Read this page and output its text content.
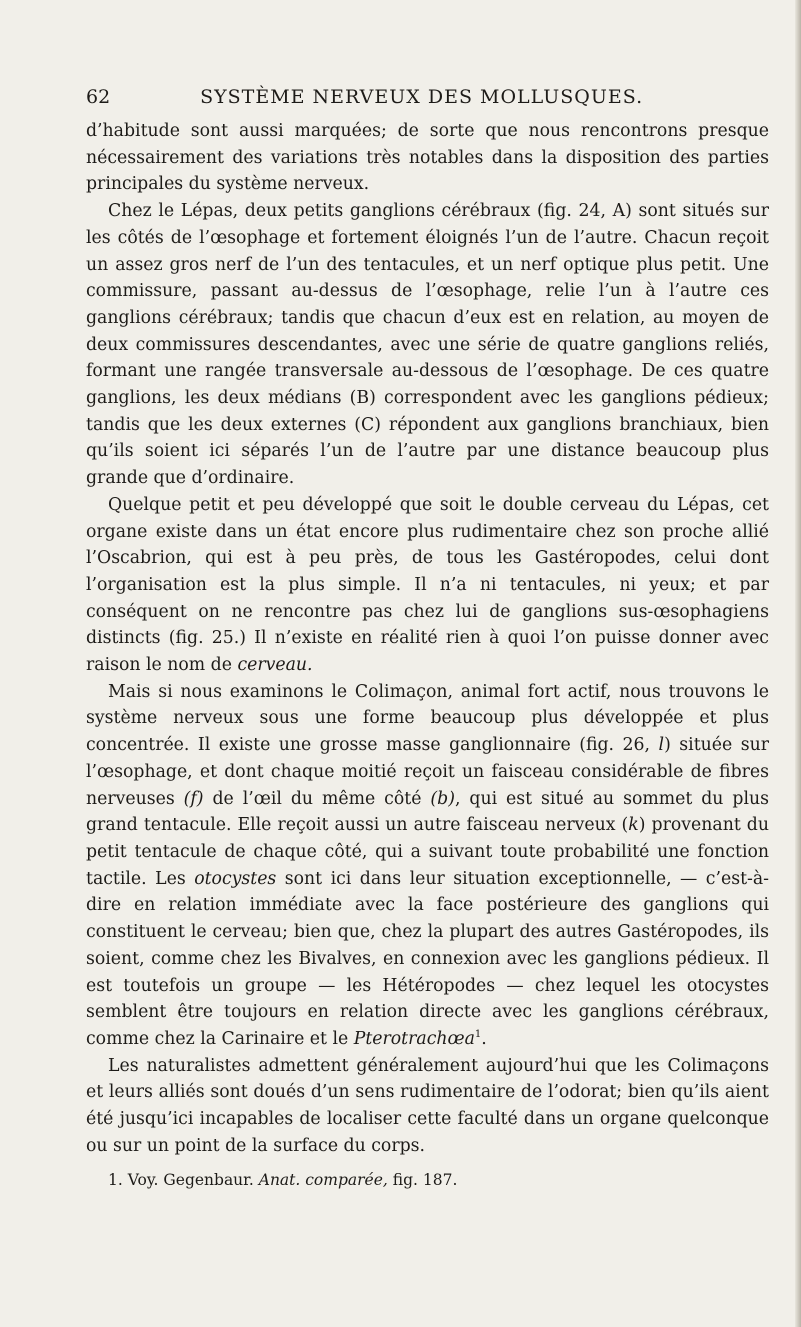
62	SYSTÈME NERVEUX DES MOLLUSQUES.

d’habitude sont aussi marquées; de sorte que nous rencontrons presque nécessairement des variations très notables dans la disposition des parties principales du système nerveux.

Chez le Lépas, deux petits ganglions cérébraux (fig. 24, A) sont situés sur les côtés de l’œsophage et fortement éloignés l’un de l’autre. Chacun reçoit un assez gros nerf de l’un des tentacules, et un nerf optique plus petit. Une commissure, passant au-dessus de l’œsophage, relie l’un à l’autre ces ganglions cérébraux; tandis que chacun d’eux est en relation, au moyen de deux commissures descendantes, avec une série de quatre ganglions reliés, formant une rangée transversale au-dessous de l’œsophage. De ces quatre ganglions, les deux médians (B) correspondent avec les ganglions pédieux; tandis que les deux externes (C) répondent aux ganglions branchiaux, bien qu’ils soient ici séparés l’un de l’autre par une distance beaucoup plus grande que d’ordinaire.

Quelque petit et peu développé que soit le double cerveau du Lépas, cet organe existe dans un état encore plus rudimentaire chez son proche allié l’Oscabrion, qui est à peu près, de tous les Gastéropodes, celui dont l’organisation est la plus simple. Il n’a ni tentacules, ni yeux; et par conséquent on ne rencontre pas chez lui de ganglions sus-œsophagiens distincts (fig. 25.) Il n’existe en réalité rien à quoi l’on puisse donner avec raison le nom de cerveau.

Mais si nous examinons le Colimaçon, animal fort actif, nous trouvons le système nerveux sous une forme beaucoup plus développée et plus concentrée. Il existe une grosse masse ganglionnaire (fig. 26, l) située sur l’œsophage, et dont chaque moitié reçoit un faisceau considérable de fibres nerveuses (f) de l’œil du même côté (b), qui est situé au sommet du plus grand tentacule. Elle reçoit aussi un autre faisceau nerveux (k) provenant du petit tentacule de chaque côté, qui a suivant toute probabilité une fonction tactile. Les otocystes sont ici dans leur situation exceptionnelle, — c’est-à-dire en relation immédiate avec la face postérieure des ganglions qui constituent le cerveau; bien que, chez la plupart des autres Gastéropodes, ils soient, comme chez les Bivalves, en connexion avec les ganglions pédieux. Il est toutefois un groupe — les Hétéropodes — chez lequel les otocystes semblent être toujours en relation directe avec les ganglions cérébraux, comme chez la Carinaire et le Pterotrachœa$^1$.

Les naturalistes admettent généralement aujourd’hui que les Colimaçons et leurs alliés sont doués d’un sens rudimentaire de l’odorat; bien qu’ils aient été jusqu’ici incapables de localiser cette faculté dans un organe quelconque ou sur un point de la surface du corps.

1. Voy. Gegenbaur. Anat. comparée, fig. 187.
